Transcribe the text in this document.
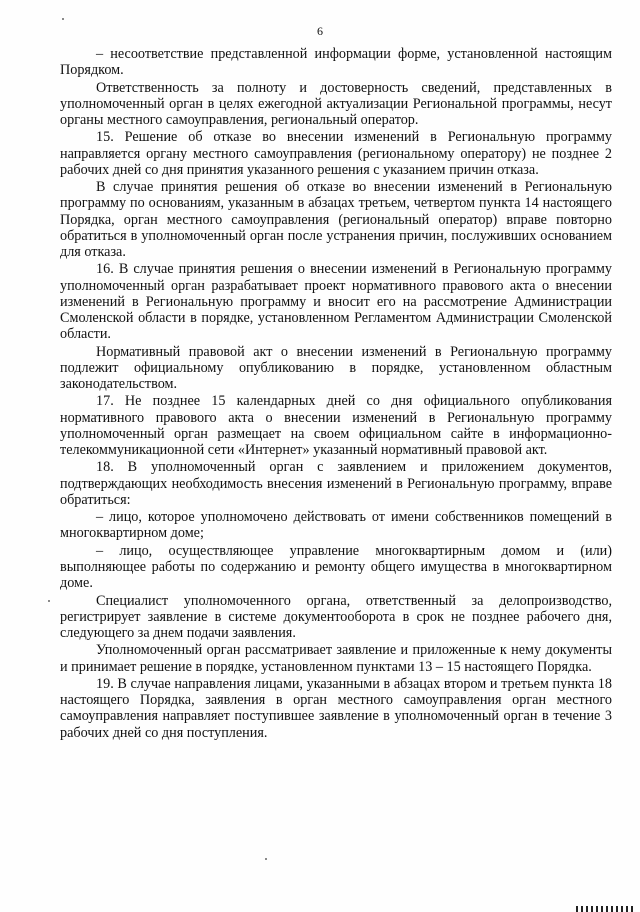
6

– несоответствие представленной информации форме, установленной настоящим Порядком.

Ответственность за полноту и достоверность сведений, представленных в уполномоченный орган в целях ежегодной актуализации Региональной программы, несут органы местного самоуправления, региональный оператор.

15. Решение об отказе во внесении изменений в Региональную программу направляется органу местного самоуправления (региональному оператору) не позднее 2 рабочих дней со дня принятия указанного решения с указанием причин отказа.

В случае принятия решения об отказе во внесении изменений в Региональную программу по основаниям, указанным в абзацах третьем, четвертом пункта 14 настоящего Порядка, орган местного самоуправления (региональный оператор) вправе повторно обратиться в уполномоченный орган после устранения причин, послуживших основанием для отказа.

16. В случае принятия решения о внесении изменений в Региональную программу уполномоченный орган разрабатывает проект нормативного правового акта о внесении изменений в Региональную программу и вносит его на рассмотрение Администрации Смоленской области в порядке, установленном Регламентом Администрации Смоленской области.

Нормативный правовой акт о внесении изменений в Региональную программу подлежит официальному опубликованию в порядке, установленном областным законодательством.

17. Не позднее 15 календарных дней со дня официального опубликования нормативного правового акта о внесении изменений в Региональную программу уполномоченный орган размещает на своем официальном сайте в информационно-телекоммуникационной сети «Интернет» указанный нормативный правовой акт.

18. В уполномоченный орган с заявлением и приложением документов, подтверждающих необходимость внесения изменений в Региональную программу, вправе обратиться:

– лицо, которое уполномочено действовать от имени собственников помещений в многоквартирном доме;

– лицо, осуществляющее управление многоквартирным домом и (или) выполняющее работы по содержанию и ремонту общего имущества в многоквартирном доме.

Специалист уполномоченного органа, ответственный за делопроизводство, регистрирует заявление в системе документооборота в срок не позднее рабочего дня, следующего за днем подачи заявления.

Уполномоченный орган рассматривает заявление и приложенные к нему документы и принимает решение в порядке, установленном пунктами 13 – 15 настоящего Порядка.

19. В случае направления лицами, указанными в абзацах втором и третьем пункта 18 настоящего Порядка, заявления в орган местного самоуправления орган местного самоуправления направляет поступившее заявление в уполномоченный орган в течение 3 рабочих дней со дня поступления.
